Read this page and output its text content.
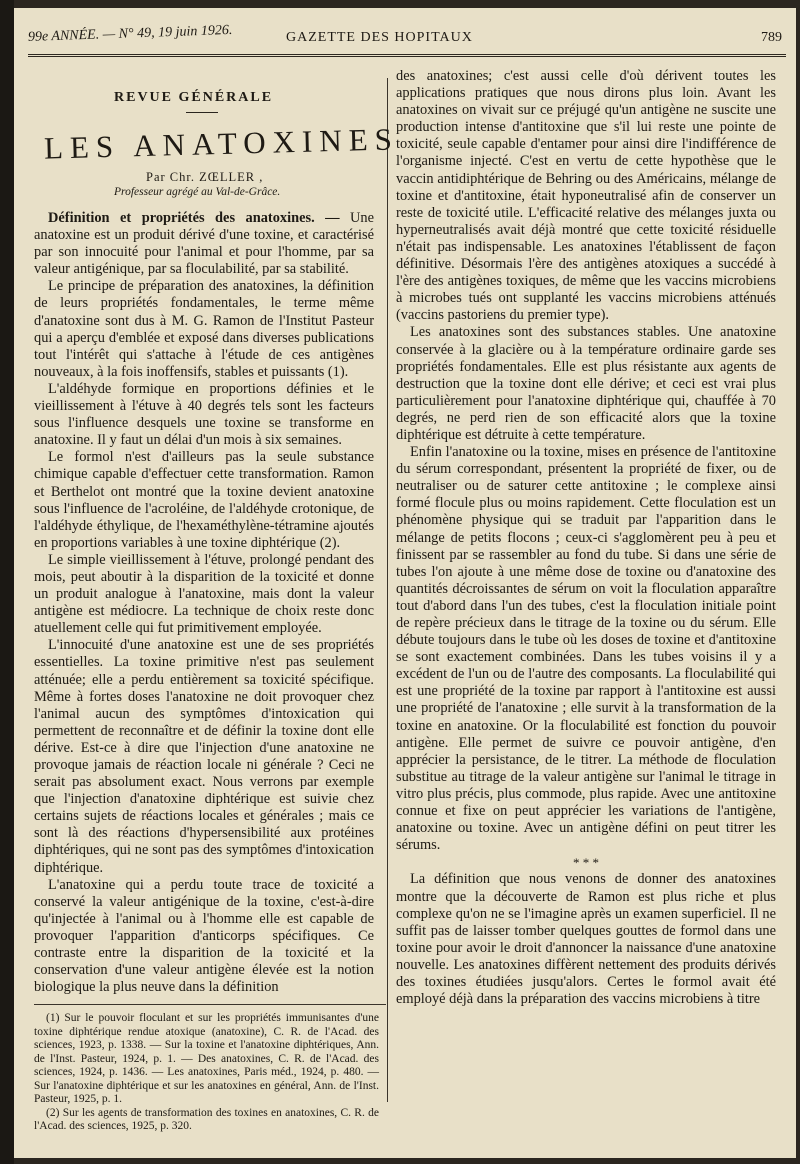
99e ANNÉE. — N° 49, 19 juin 1926.	GAZETTE DES HOPITAUX	789
REVUE GÉNÉRALE
LES ANATOXINES
Par Chr. ZŒLLER ,
Professeur agrégé au Val-de-Grâce.

Définition et propriétés des anatoxines. — Une anatoxine est un produit dérivé d'une toxine, et caractérisé par son innocuité pour l'animal et pour l'homme, par sa valeur antigénique, par sa floculabilité, par sa stabilité.

Le principe de préparation des anatoxines, la définition de leurs propriétés fondamentales, le terme même d'anatoxine sont dus à M. G. Ramon de l'Institut Pasteur qui a aperçu d'emblée et exposé dans diverses publications tout l'intérêt qui s'attache à l'étude de ces antigènes nouveaux, à la fois inoffensifs, stables et puissants (1).

L'aldéhyde formique en proportions définies et le vieillissement à l'étuve à 40 degrés tels sont les facteurs sous l'influence desquels une toxine se transforme en anatoxine. Il y faut un délai d'un mois à six semaines.

Le formol n'est d'ailleurs pas la seule substance chimique capable d'effectuer cette transformation. Ramon et Berthelot ont montré que la toxine devient anatoxine sous l'influence de l'acroléine, de l'aldéhyde crotonique, de l'aldéhyde éthylique, de l'hexaméthylène-tétramine ajoutés en proportions variables à une toxine diphtérique (2).

Le simple vieillissement à l'étuve, prolongé pendant des mois, peut aboutir à la disparition de la toxicité et donne un produit analogue à l'anatoxine, mais dont la valeur antigène est médiocre. La technique de choix reste donc atuellement celle qui fut primitivement employée.

L'innocuité d'une anatoxine est une de ses propriétés essentielles. La toxine primitive n'est pas seulement atténuée; elle a perdu entièrement sa toxicité spécifique. Même à fortes doses l'anatoxine ne doit provoquer chez l'animal aucun des symptômes d'intoxication qui permettent de reconnaître et de définir la toxine dont elle dérive. Est-ce à dire que l'injection d'une anatoxine ne provoque jamais de réaction locale ni générale ? Ceci ne serait pas absolument exact. Nous verrons par exemple que l'injection d'anatoxine diphtérique est suivie chez certains sujets de réactions locales et générales ; mais ce sont là des réactions d'hypersensibilité aux protéines diphtériques, qui ne sont pas des symptômes d'intoxication diphtérique.

L'anatoxine qui a perdu toute trace de toxicité a conservé la valeur antigénique de la toxine, c'est-à-dire qu'injectée à l'animal ou à l'homme elle est capable de provoquer l'apparition d'anticorps spécifiques. Ce contraste entre la disparition de la toxicité et la conservation d'une valeur antigène élevée est la notion biologique la plus neuve dans la définition

(1) Sur le pouvoir floculant et sur les propriétés immunisantes d'une toxine diphtérique rendue atoxique (anatoxine), C. R. de l'Acad. des sciences, 1923, p. 1338. — Sur la toxine et l'anatoxine diphtériques, Ann. de l'Inst. Pasteur, 1924, p. 1. — Des anatoxines, C. R. de l'Acad. des sciences, 1924, p. 1436. — Les anatoxines, Paris méd., 1924, p. 480. — Sur l'anatoxine diphtérique et sur les anatoxines en général, Ann. de l'Inst. Pasteur, 1925, p. 1.

(2) Sur les agents de transformation des toxines en anatoxines, C. R. de l'Acad. des sciences, 1925, p. 320.

des anatoxines; c'est aussi celle d'où dérivent toutes les applications pratiques que nous dirons plus loin. Avant les anatoxines on vivait sur ce préjugé qu'un antigène ne suscite une production intense d'antitoxine que s'il lui reste une pointe de toxicité, seule capable d'entamer pour ainsi dire l'indifférence de l'organisme injecté. C'est en vertu de cette hypothèse que le vaccin antidiphtérique de Behring ou des Américains, mélange de toxine et d'antitoxine, était hyponeutralisé afin de conserver un reste de toxicité utile. L'efficacité relative des mélanges juxta ou hyperneutralisés avait déjà montré que cette toxicité résiduelle n'était pas indispensable. Les anatoxines l'établissent de façon définitive. Désormais l'ère des antigènes atoxiques a succédé à l'ère des antigènes toxiques, de même que les vaccins microbiens à microbes tués ont supplanté les vaccins microbiens atténués (vaccins pastoriens du premier type).

Les anatoxines sont des substances stables. Une anatoxine conservée à la glacière ou à la température ordinaire garde ses propriétés fondamentales. Elle est plus résistante aux agents de destruction que la toxine dont elle dérive; et ceci est vrai plus particulièrement pour l'anatoxine diphtérique qui, chauffée à 70 degrés, ne perd rien de son efficacité alors que la toxine diphtérique est détruite à cette température.

Enfin l'anatoxine ou la toxine, mises en présence de l'antitoxine du sérum correspondant, présentent la propriété de fixer, ou de neutraliser ou de saturer cette antitoxine ; le complexe ainsi formé flocule plus ou moins rapidement. Cette floculation est un phénomène physique qui se traduit par l'apparition dans le mélange de petits flocons ; ceux-ci s'agglomèrent peu à peu et finissent par se rassembler au fond du tube. Si dans une série de tubes l'on ajoute à une même dose de toxine ou d'anatoxine des quantités décroissantes de sérum on voit la floculation apparaître tout d'abord dans l'un des tubes, c'est la floculation initiale point de repère précieux dans le titrage de la toxine ou du sérum. Elle débute toujours dans le tube où les doses de toxine et d'antitoxine se sont exactement combinées. Dans les tubes voisins il y a excédent de l'un ou de l'autre des composants. La floculabilité qui est une propriété de la toxine par rapport à l'antitoxine est aussi une propriété de l'anatoxine ; elle survit à la transformation de la toxine en anatoxine. Or la floculabilité est fonction du pouvoir antigène. Elle permet de suivre ce pouvoir antigène, d'en apprécier la persistance, de le titrer. La méthode de floculation substitue au titrage de la valeur antigène sur l'animal le titrage in vitro plus précis, plus commode, plus rapide. Avec une antitoxine connue et fixe on peut apprécier les variations de l'antigène, anatoxine ou toxine. Avec un antigène défini on peut titrer les sérums.

* * *

La définition que nous venons de donner des anatoxines montre que la découverte de Ramon est plus riche et plus complexe qu'on ne se l'imagine après un examen superficiel. Il ne suffit pas de laisser tomber quelques gouttes de formol dans une toxine pour avoir le droit d'annoncer la naissance d'une anatoxine nouvelle. Les anatoxines diffèrent nettement des produits dérivés des toxines étudiées jusqu'alors. Certes le formol avait été employé déjà dans la préparation des vaccins microbiens à titre
